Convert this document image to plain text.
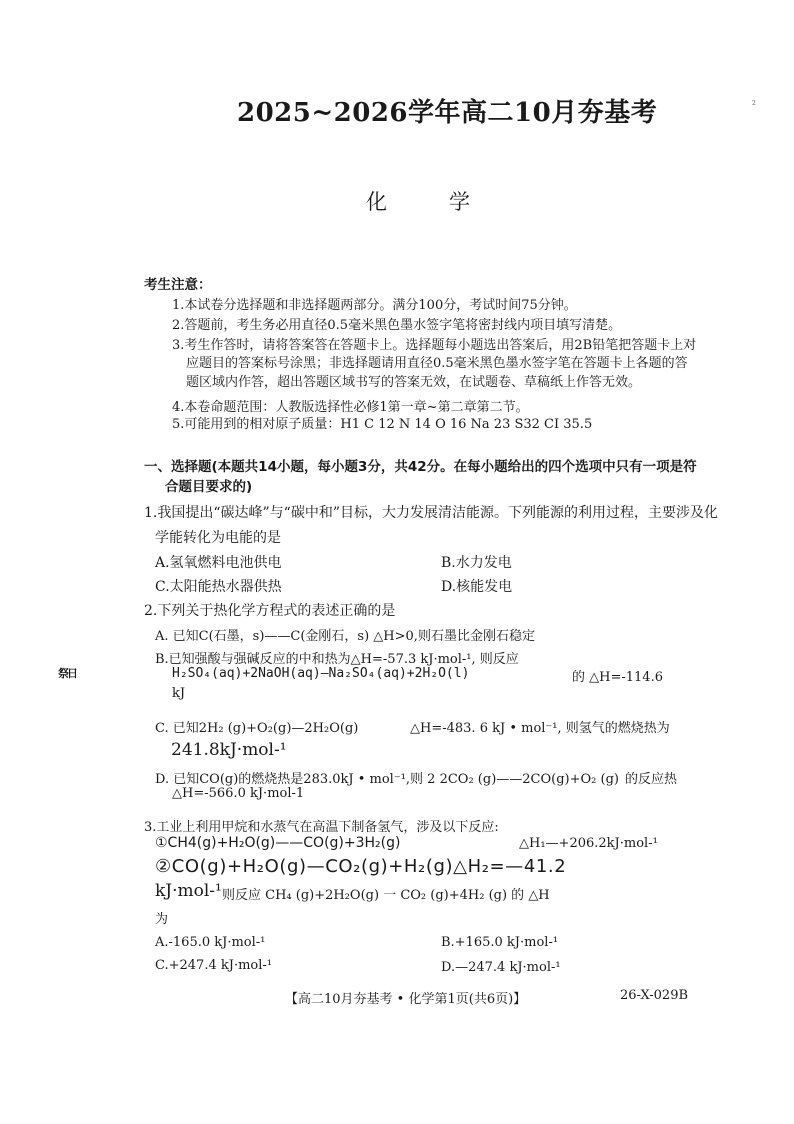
2025~2026学年高二10月夯基考	2
化学
祭日
考生注意：
1.本试卷分选择题和非选择题两部分。满分100分，考试时间75分钟。
2.答题前，考生务必用直径0.5毫米黑色墨水签字笔将密封线内项目填写清楚。
3.考生作答时，请将答案答在答题卡上。选择题每小题选出答案后，用2B铅笔把答题卡上对
应题目的答案标号涂黑；非选择题请用直径0.5毫米黑色墨水签字笔在答题卡上各题的答
题区域内作答，超出答题区域书写的答案无效，在试题卷、草稿纸上作答无效。
4.本卷命题范围：人教版选择性必修1第一章~第二章第二节。
5.可能用到的相对原子质量：H1 C 12 N 14 O 16 Na 23 S32 CI 35.5
一、选择题(本题共14小题，每小题3分，共42分。在每小题给出的四个选项中只有一项是符
合题目要求的)
1.我国提出“碳达峰”与“碳中和”目标，大力发展清洁能源。下列能源的利用过程，主要涉及化
学能转化为电能的是
A.氢氧燃料电池供电	B.水力发电
C.太阳能热水器供热	D.核能发电
2.下列关于热化学方程式的表述正确的是
A. 已知C(石墨，s)——C(金刚石，s) △H>0,则石墨比金刚石稳定
B.已知强酸与强碱反应的中和热为△H=-57.3 kJ·mol-¹, 则反应
H₂SO₄(aq)+2NaOH(aq)—Na₂SO₄(aq)+2H₂O(l)	的 △H=-114.6
kJ
C. 已知2H₂ (g)+O₂(g)—2H₂O(g)	△H=-483. 6 kJ • mol⁻¹, 则氢气的燃烧热为
241.8kJ·mol-¹
D. 已知CO(g)的燃烧热是283.0kJ • mol⁻¹,则 2 2CO₂ (g)——2CO(g)+O₂ (g) 的反应热
△H=-566.0 kJ·mol-1
3.工业上利用甲烷和水蒸气在高温下制备氢气，涉及以下反应:
①CH4(g)+H₂O(g)——CO(g)+3H₂(g)	△H₁—+206.2kJ·mol-¹
②CO(g)+H₂O(g)—CO₂(g)+H₂(g)△H₂=—41.2
kJ·mol-¹ 则反应 CH₄ (g)+2H₂O(g) 一 CO₂ (g)+4H₂ (g) 的 △H
为
A.-165.0 kJ·mol-¹	B.+165.0 kJ·mol-¹
C.+247.4 kJ·mol-¹	D.—247.4 kJ·mol-¹
【高二10月夯基考 • 化学第1页(共6页)】	26-X-029B
